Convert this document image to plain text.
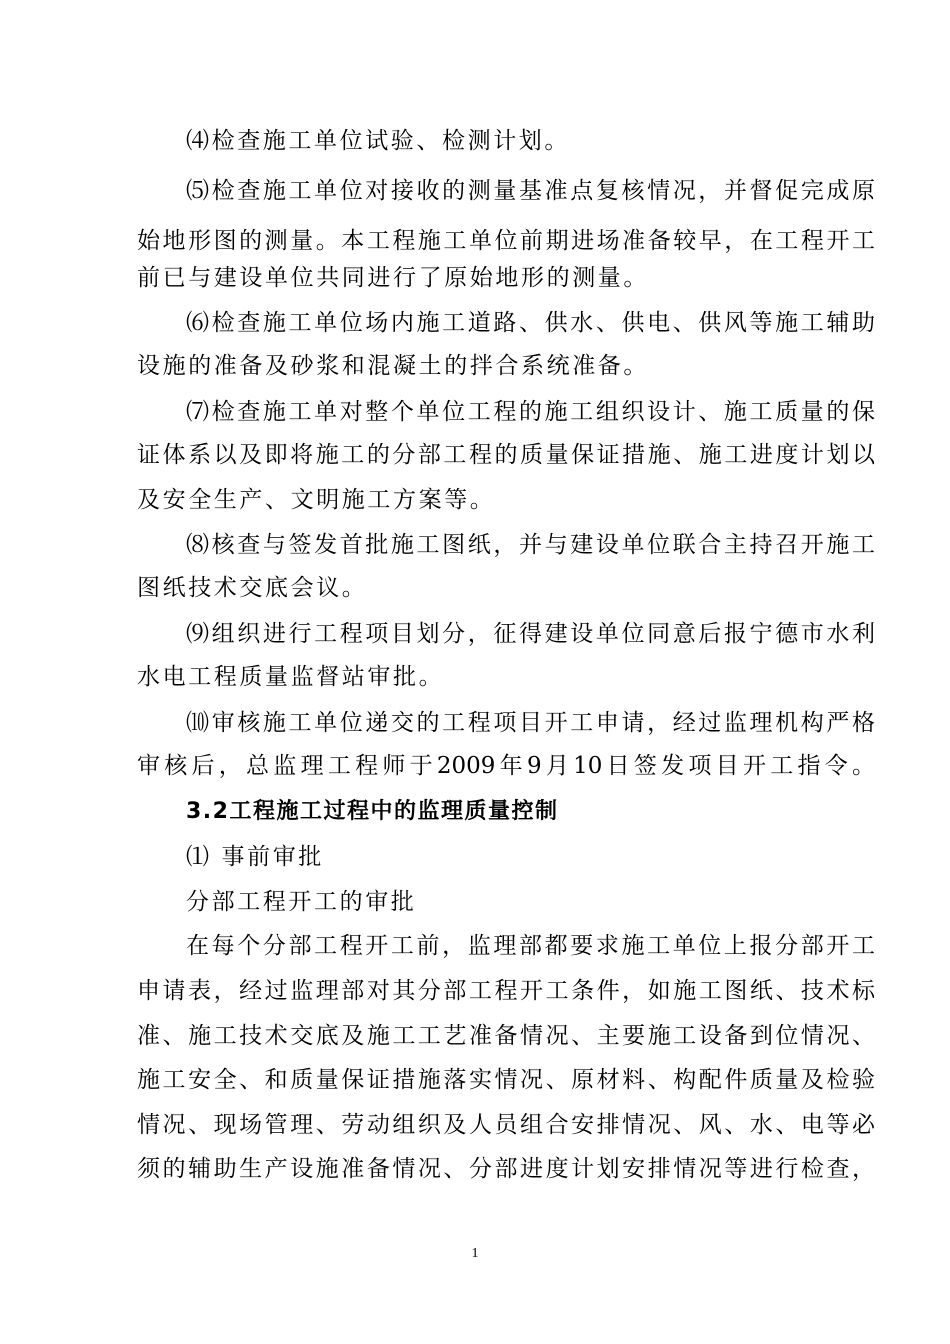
⑷检查施工单位试验、检测计划。
⑸检查施工单位对接收的测量基准点复核情况，并督促完成原
始地形图的测量。本工程施工单位前期进场准备较早，在工程开工
前已与建设单位共同进行了原始地形的测量。
⑹检查施工单位场内施工道路、供水、供电、供风等施工辅助
设施的准备及砂浆和混凝土的拌合系统准备。
⑺检查施工单对整个单位工程的施工组织设计、施工质量的保
证体系以及即将施工的分部工程的质量保证措施、施工进度计划以
及安全生产、文明施工方案等。
⑻核查与签发首批施工图纸，并与建设单位联合主持召开施工
图纸技术交底会议。
⑼组织进行工程项目划分，征得建设单位同意后报宁德市水利
水电工程质量监督站审批。
⑽审核施工单位递交的工程项目开工申请，经过监理机构严格
审核后，总监理工程师于2009年9月10日签发项目开工指令。
3.2工程施工过程中的监理质量控制
⑴ 事前审批
分部工程开工的审批
在每个分部工程开工前，监理部都要求施工单位上报分部开工
申请表，经过监理部对其分部工程开工条件，如施工图纸、技术标
准、施工技术交底及施工工艺准备情况、主要施工设备到位情况、
施工安全、和质量保证措施落实情况、原材料、构配件质量及检验
情况、现场管理、劳动组织及人员组合安排情况、风、水、电等必
须的辅助生产设施准备情况、分部进度计划安排情况等进行检查，
1
